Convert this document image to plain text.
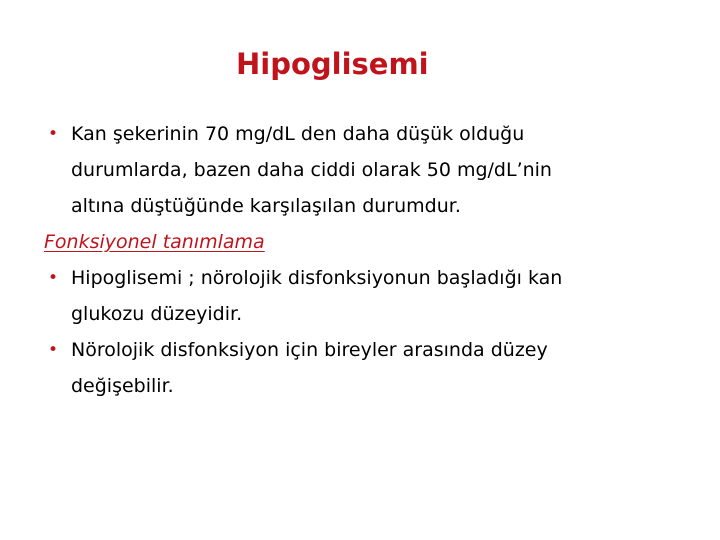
Hipoglisemi
• Kan şekerinin 70 mg/dL den daha düşük olduğu
durumlarda, bazen daha ciddi olarak 50 mg/dL’nin
altına düştüğünde karşılaşılan durumdur.
Fonksiyonel tanımlama
• Hipoglisemi ; nörolojik disfonksiyonun başladığı kan
glukozu düzeyidir.
• Nörolojik disfonksiyon için bireyler arasında düzey
değişebilir.
